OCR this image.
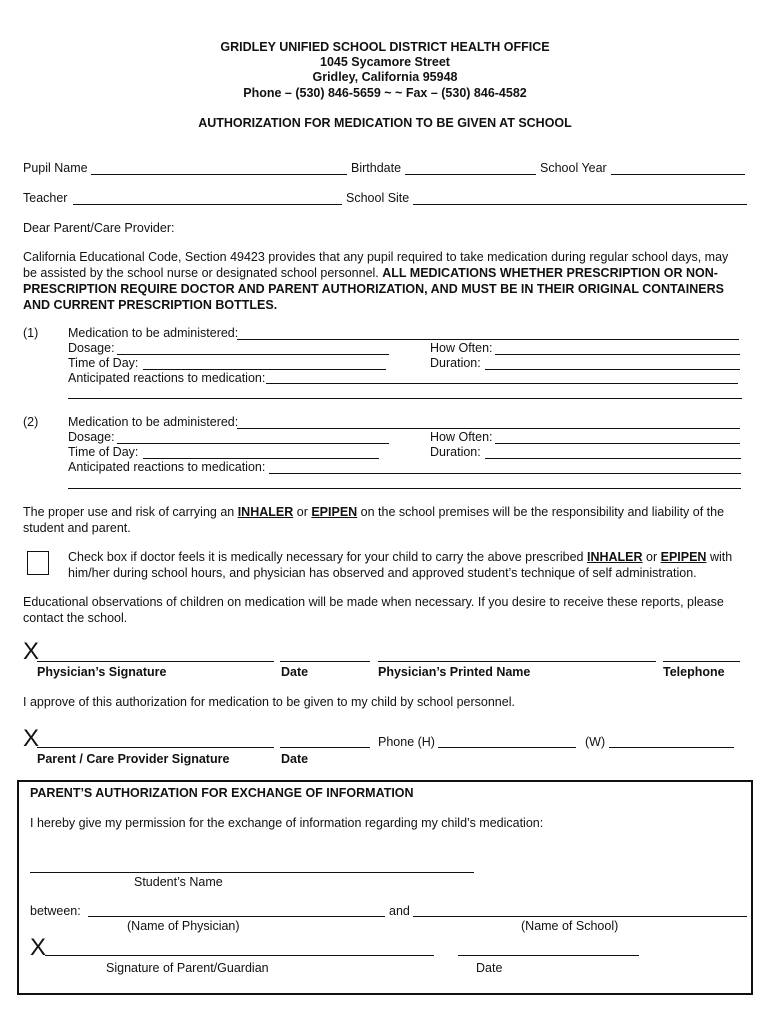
GRIDLEY UNIFIED SCHOOL DISTRICT HEALTH OFFICE
1045 Sycamore Street
Gridley, California 95948
Phone – (530) 846-5659 ~ ~ Fax – (530) 846-4582
AUTHORIZATION FOR MEDICATION TO BE GIVEN AT SCHOOL
Pupil Name	Birthdate	School Year
Teacher	School Site
Dear Parent/Care Provider:
California Educational Code, Section 49423 provides that any pupil required to take medication during regular school days, may be assisted by the school nurse or designated school personnel. ALL MEDICATIONS WHETHER PRESCRIPTION OR NON-PRESCRIPTION REQUIRE DOCTOR AND PARENT AUTHORIZATION, AND MUST BE IN THEIR ORIGINAL CONTAINERS AND CURRENT PRESCRIPTION BOTTLES.
(1) Medication to be administered:
Dosage:	How Often:
Time of Day:	Duration:
Anticipated reactions to medication:
(2) Medication to be administered:
Dosage:	How Often:
Time of Day:	Duration:
Anticipated reactions to medication:
The proper use and risk of carrying an INHALER or EPIPEN on the school premises will be the responsibility and liability of the student and parent.
Check box if doctor feels it is medically necessary for your child to carry the above prescribed INHALER or EPIPEN with him/her during school hours, and physician has observed and approved student’s technique of self administration.
Educational observations of children on medication will be made when necessary. If you desire to receive these reports, please contact the school.
X
Physician’s Signature	Date	Physician’s Printed Name	Telephone
I approve of this authorization for medication to be given to my child by school personnel.
X	Phone (H)	(W)
Parent / Care Provider Signature	Date
PARENT’S AUTHORIZATION FOR EXCHANGE OF INFORMATION
I hereby give my permission for the exchange of information regarding my child’s medication:
Student’s Name
between:	and
(Name of Physician)	(Name of School)
X
Signature of Parent/Guardian	Date
